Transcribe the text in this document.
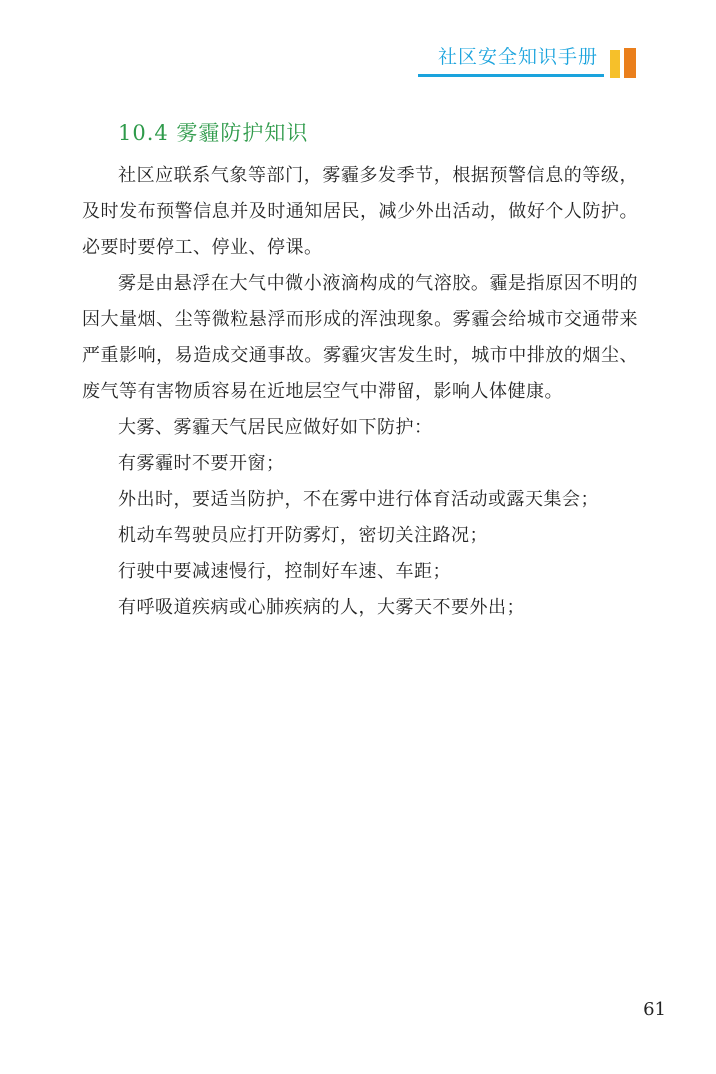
社区安全知识手册
10.4 雾霾防护知识

社区应联系气象等部门，雾霾多发季节，根据预警信息的等级，及时发布预警信息并及时通知居民，减少外出活动，做好个人防护。必要时要停工、停业、停课。

雾是由悬浮在大气中微小液滴构成的气溶胶。霾是指原因不明的因大量烟、尘等微粒悬浮而形成的浑浊现象。雾霾会给城市交通带来严重影响，易造成交通事故。雾霾灾害发生时，城市中排放的烟尘、废气等有害物质容易在近地层空气中滞留，影响人体健康。

大雾、雾霾天气居民应做好如下防护：

有雾霾时不要开窗；

外出时，要适当防护，不在雾中进行体育活动或露天集会；

机动车驾驶员应打开防雾灯，密切关注路况；

行驶中要减速慢行，控制好车速、车距；

有呼吸道疾病或心肺疾病的人，大雾天不要外出；

61
